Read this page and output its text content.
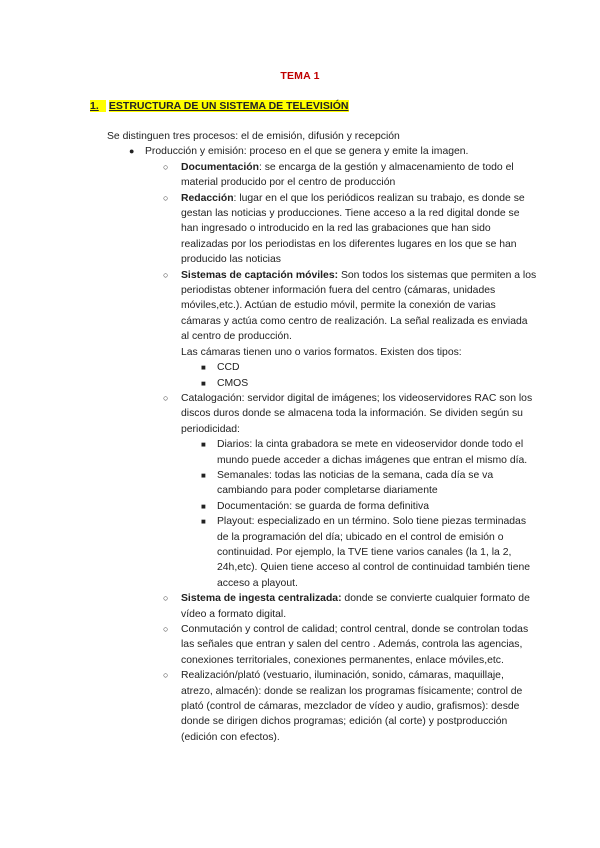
TEMA 1
1. ESTRUCTURA DE UN SISTEMA DE TELEVISIÓN

Se distinguen tres procesos: el de emisión, difusión y recepción

● Producción y emisión: proceso en el que se genera y emite la imagen.
○ Documentación: se encarga de la gestión y almacenamiento de todo el material producido por el centro de producción
○ Redacción: lugar en el que los periódicos realizan su trabajo, es donde se gestan las noticias y producciones. Tiene acceso a la red digital donde se han ingresado o introducido en la red las grabaciones que han sido realizadas por los periodistas en los diferentes lugares en los que se han producido las noticias
○ Sistemas de captación móviles: Son todos los sistemas que permiten a los periodistas obtener información fuera del centro (cámaras, unidades móviles,etc.). Actúan de estudio móvil, permite la conexión de varias cámaras y actúa como centro de realización. La señal realizada es enviada al centro de producción.
Las cámaras tienen uno o varios formatos. Existen dos tipos:
■ CCD
■ CMOS
○ Catalogación: servidor digital de imágenes; los videoservidores RAC son los discos duros donde se almacena toda la información. Se dividen según su periodicidad:
■ Diarios: la cinta grabadora se mete en videoservidor donde todo el mundo puede acceder a dichas imágenes que entran el mismo día.
■ Semanales: todas las noticias de la semana, cada día se va cambiando para poder completarse diariamente
■ Documentación: se guarda de forma definitiva
■ Playout: especializado en un término. Solo tiene piezas terminadas de la programación del día; ubicado en el control de emisión o continuidad. Por ejemplo, la TVE tiene varios canales (la 1, la 2, 24h,etc). Quien tiene acceso al control de continuidad también tiene acceso a playout.
○ Sistema de ingesta centralizada: donde se convierte cualquier formato de vídeo a formato digital.
○ Conmutación y control de calidad; control central, donde se controlan todas las señales que entran y salen del centro . Además, controla las agencias, conexiones territoriales, conexiones permanentes, enlace móviles,etc.
○ Realización/plató (vestuario, iluminación, sonido, cámaras, maquillaje, atrezo, almacén): donde se realizan los programas físicamente; control de plató (control de cámaras, mezclador de vídeo y audio, grafismos): desde donde se dirigen dichos programas; edición (al corte) y postproducción (edición con efectos).
